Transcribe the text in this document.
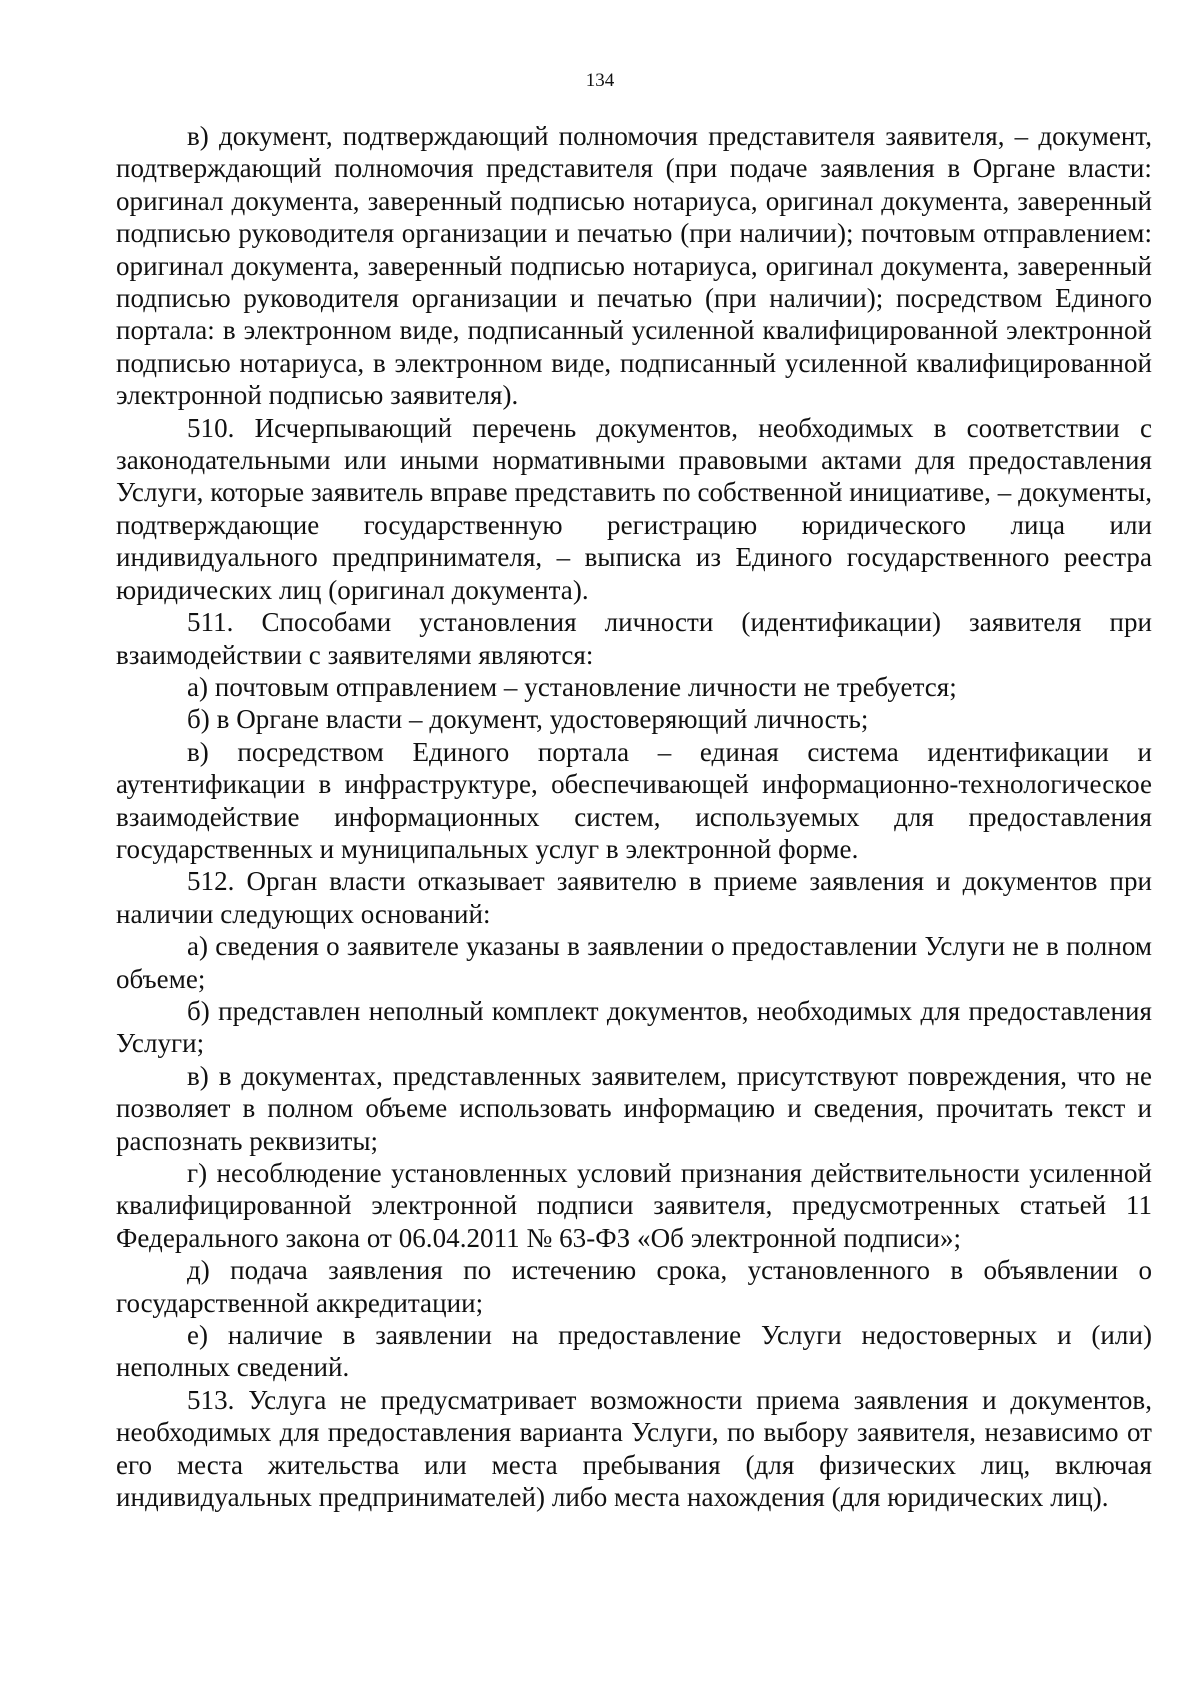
134

в) документ, подтверждающий полномочия представителя заявителя, – документ, подтверждающий полномочия представителя (при подаче заявления в Органе власти: оригинал документа, заверенный подписью нотариуса, оригинал документа, заверенный подписью руководителя организации и печатью (при наличии); почтовым отправлением: оригинал документа, заверенный подписью нотариуса, оригинал документа, заверенный подписью руководителя организации и печатью (при наличии); посредством Единого портала: в электронном виде, подписанный усиленной квалифицированной электронной подписью нотариуса, в электронном виде, подписанный усиленной квалифицированной электронной подписью заявителя).

510. Исчерпывающий перечень документов, необходимых в соответствии с законодательными или иными нормативными правовыми актами для предоставления Услуги, которые заявитель вправе представить по собственной инициативе, – документы, подтверждающие государственную регистрацию юридического лица или индивидуального предпринимателя, – выписка из Единого государственного реестра юридических лиц (оригинал документа).

511. Способами установления личности (идентификации) заявителя при взаимодействии с заявителями являются:

а) почтовым отправлением – установление личности не требуется;

б) в Органе власти – документ, удостоверяющий личность;

в) посредством Единого портала – единая система идентификации и аутентификации в инфраструктуре, обеспечивающей информационно-технологическое взаимодействие информационных систем, используемых для предоставления государственных и муниципальных услуг в электронной форме.

512. Орган власти отказывает заявителю в приеме заявления и документов при наличии следующих оснований:

а) сведения о заявителе указаны в заявлении о предоставлении Услуги не в полном объеме;

б) представлен неполный комплект документов, необходимых для предоставления Услуги;

в) в документах, представленных заявителем, присутствуют повреждения, что не позволяет в полном объеме использовать информацию и сведения, прочитать текст и распознать реквизиты;

г) несоблюдение установленных условий признания действительности усиленной квалифицированной электронной подписи заявителя, предусмотренных статьей 11 Федерального закона от 06.04.2011 № 63-ФЗ «Об электронной подписи»;

д) подача заявления по истечению срока, установленного в объявлении о государственной аккредитации;

е) наличие в заявлении на предоставление Услуги недостоверных и (или) неполных сведений.

513. Услуга не предусматривает возможности приема заявления и документов, необходимых для предоставления варианта Услуги, по выбору заявителя, независимо от его места жительства или места пребывания (для физических лиц, включая индивидуальных предпринимателей) либо места нахождения (для юридических лиц).
